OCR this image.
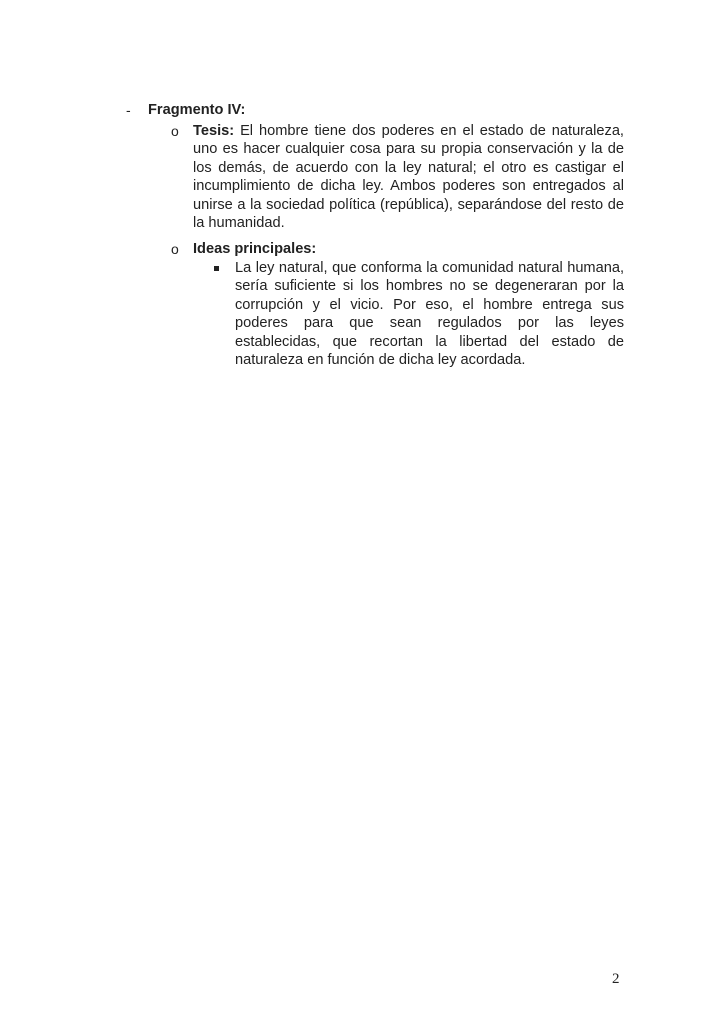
- Fragmento IV:
o Tesis: El hombre tiene dos poderes en el estado de naturaleza, uno es hacer cualquier cosa para su propia conservación y la de los demás, de acuerdo con la ley natural; el otro es castigar el incumplimiento de dicha ley. Ambos poderes son entregados al unirse a la sociedad política (república), separándose del resto de la humanidad.
o Ideas principales:
La ley natural, que conforma la comunidad natural humana, sería suficiente si los hombres no se degeneraran por la corrupción y el vicio. Por eso, el hombre entrega sus poderes para que sean regulados por las leyes establecidas, que recortan la libertad del estado de naturaleza en función de dicha ley acordada.
2
